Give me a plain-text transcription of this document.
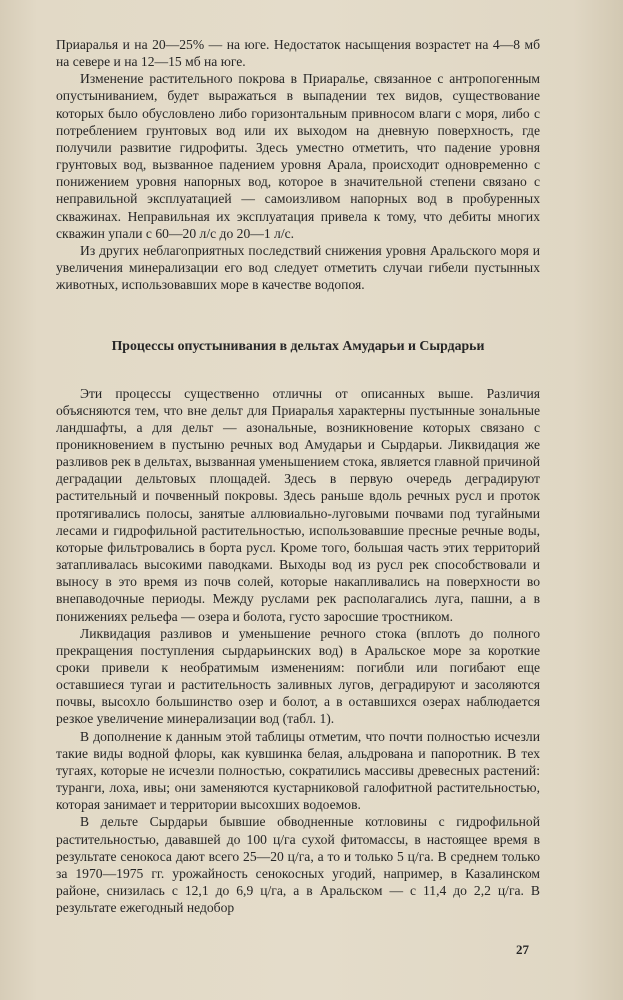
Приаралья и на 20—25% — на юге. Недостаток насыщения возрастет на 4—8 мб на севере и на 12—15 мб на юге.

Изменение растительного покрова в Приаралье, связанное с антропогенным опустыниванием, будет выражаться в выпадении тех видов, существование которых было обусловлено либо горизонтальным привносом влаги с моря, либо с потреблением грунтовых вод или их выходом на дневную поверхность, где получили развитие гидрофиты. Здесь уместно отметить, что падение уровня грунтовых вод, вызванное падением уровня Арала, происходит одновременно с понижением уровня напорных вод, которое в значительной степени связано с неправильной эксплуатацией — самоизливом напорных вод в пробуренных скважинах. Неправильная их эксплуатация привела к тому, что дебиты многих скважин упали с 60—20 л/с до 20—1 л/с.

Из других неблагоприятных последствий снижения уровня Аральского моря и увеличения минерализации его вод следует отметить случаи гибели пустынных животных, использовавших море в качестве водопоя.

Процессы опустынивания в дельтах Амударьи и Сырдарьи

Эти процессы существенно отличны от описанных выше. Различия объясняются тем, что вне дельт для Приаралья характерны пустынные зональные ландшафты, а для дельт — азональные, возникновение которых связано с проникновением в пустыню речных вод Амударьи и Сырдарьи. Ликвидация же разливов рек в дельтах, вызванная уменьшением стока, является главной причиной деградации дельтовых площадей. Здесь в первую очередь деградируют растительный и почвенный покровы. Здесь раньше вдоль речных русл и проток протягивались полосы, занятые аллювиально-луговыми почвами под тугайными лесами и гидрофильной растительностью, использовавшие пресные речные воды, которые фильтровались в борта русл. Кроме того, большая часть этих территорий затапливалась высокими паводками. Выходы вод из русл рек способствовали и выносу в это время из почв солей, которые накапливались на поверхности во внепаводочные периоды. Между руслами рек располагались луга, пашни, а в понижениях рельефа — озера и болота, густо заросшие тростником.

Ликвидация разливов и уменьшение речного стока (вплоть до полного прекращения поступления сырдарьинских вод) в Аральское море за короткие сроки привели к необратимым изменениям: погибли или погибают еще оставшиеся тугаи и растительность заливных лугов, деградируют и засоляются почвы, высохло большинство озер и болот, а в оставшихся озерах наблюдается резкое увеличение минерализации вод (табл. 1).

В дополнение к данным этой таблицы отметим, что почти полностью исчезли такие виды водной флоры, как кувшинка белая, альдрована и папоротник. В тех тугаях, которые не исчезли полностью, сократились массивы древесных растений: туранги, лоха, ивы; они заменяются кустарниковой галофитной растительностью, которая занимает и территории высохших водоемов.

В дельте Сырдарьи бывшие обводненные котловины с гидрофильной растительностью, дававшей до 100 ц/га сухой фитомассы, в настоящее время в результате сенокоса дают всего 25—20 ц/га, а то и только 5 ц/га. В среднем только за 1970—1975 гг. урожайность сенокосных угодий, например, в Казалинском районе, снизилась с 12,1 до 6,9 ц/га, а в Аральском — с 11,4 до 2,2 ц/га. В результате ежегодный недобор

27
